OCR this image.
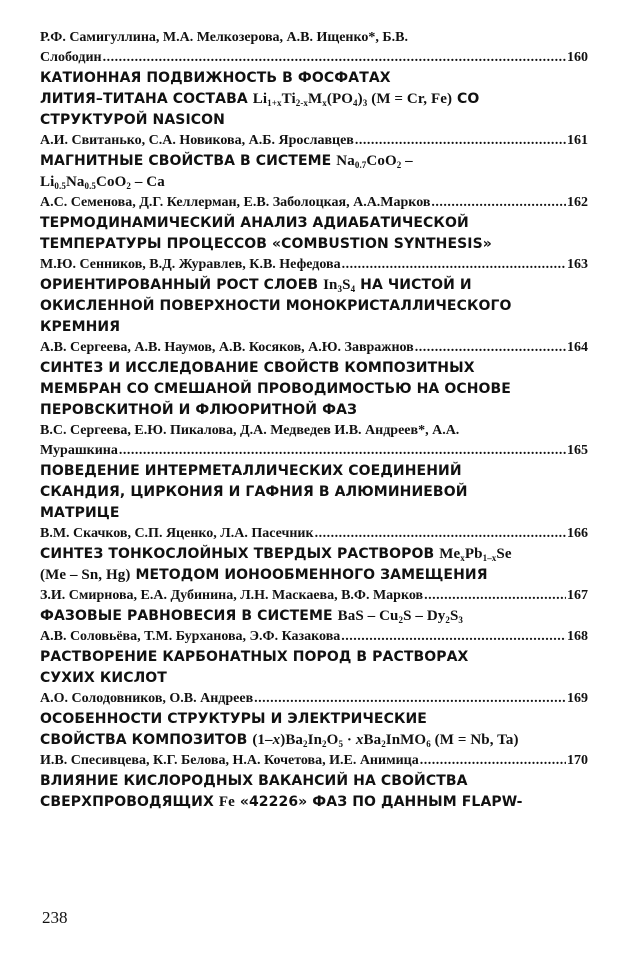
Р.Ф. Самигуллина, М.А. Мелкозерова, А.В. Ищенко*, Б.В.
Слободин .....	160
КАТИОННАЯ ПОДВИЖНОСТЬ В ФОСФАТАХ
ЛИТИЯ–ТИТАНА СОСТАВА $Li_{1+x}Ti_{2-x}M_x(PO_4)_3$ (M = Cr, Fe) СО
СТРУКТУРОЙ NASICON
А.И. Свитанько, С.А. Новикова, А.Б. Ярославцев .....	161
МАГНИТНЫЕ СВОЙСТВА В СИСТЕМЕ $Na_{0.7}CoO_2$ –
$Li_{0.5}Na_{0.5}CoO_2$ – Ca
А.С. Семенова, Д.Г. Келлерман, Е.В. Заболоцкая, А.А.Марков .....	162
ТЕРМОДИНАМИЧЕСКИЙ АНАЛИЗ АДИАБАТИЧЕСКОЙ
ТЕМПЕРАТУРЫ ПРОЦЕССОВ «COMBUSTION SYNTHESIS»
М.Ю. Сенников, В.Д. Журавлев, К.В. Нефедова .....	163
ОРИЕНТИРОВАННЫЙ РОСТ СЛОЕВ $In_3S_4$ НА ЧИСТОЙ И
ОКИСЛЕННОЙ ПОВЕРХНОСТИ МОНОКРИСТАЛЛИЧЕСКОГО
КРЕМНИЯ
А.В. Сергеева, А.В. Наумов, А.В. Косяков, А.Ю. Завражнов .....	164
СИНТЕЗ И ИССЛЕДОВАНИЕ СВОЙСТВ КОМПОЗИТНЫХ
МЕМБРАН СО СМЕШАНОЙ ПРОВОДИМОСТЬЮ НА ОСНОВЕ
ПЕРОВСКИТНОЙ И ФЛЮОРИТНОЙ ФАЗ
В.С. Сергеева, Е.Ю. Пикалова, Д.А. Медведев И.В. Андреев*, А.А.
Мурашкина .....	165
ПОВЕДЕНИЕ ИНТЕРМЕТАЛЛИЧЕСКИХ СОЕДИНЕНИЙ
СКАНДИЯ, ЦИРКОНИЯ И ГАФНИЯ В АЛЮМИНИЕВОЙ
МАТРИЦЕ
В.М. Скачков, С.П. Яценко, Л.А. Пасечник .....	166
СИНТЕЗ ТОНКОСЛОЙНЫХ ТВЕРДЫХ РАСТВОРОВ $Me_xPb_{1-x}Se$
(Me – Sn, Hg) МЕТОДОМ ИОНООБМЕННОГО ЗАМЕЩЕНИЯ
З.И. Смирнова, Е.А. Дубинина, Л.Н. Маскаева, В.Ф. Марков .....	167
ФАЗОВЫЕ РАВНОВЕСИЯ В СИСТЕМЕ BaS – $Cu_2S - Dy_2S_3$
А.В. Соловьёва, Т.М. Бурханова, Э.Ф. Казакова .....	168
РАСТВОРЕНИЕ КАРБОНАТНЫХ ПОРОД В РАСТВОРАХ
СУХИХ КИСЛОТ
А.О. Солодовников, О.В. Андреев .....	169
ОСОБЕННОСТИ СТРУКТУРЫ И ЭЛЕКТРИЧЕСКИЕ
СВОЙСТВА КОМПОЗИТОВ $(1-x)Ba_2In_2O_5$ · xBa$_2$InMO$_6$ (M = Nb, Ta)
И.В. Спесивцева, К.Г. Белова, Н.А. Кочетова, И.Е. Анимица .....	170
ВЛИЯНИЕ КИСЛОРОДНЫХ ВАКАНСИЙ НА СВОЙСТВА
СВЕРХПРОВОДЯЩИХ Fe «42226» ФАЗ ПО ДАННЫМ FLAPW-
238
